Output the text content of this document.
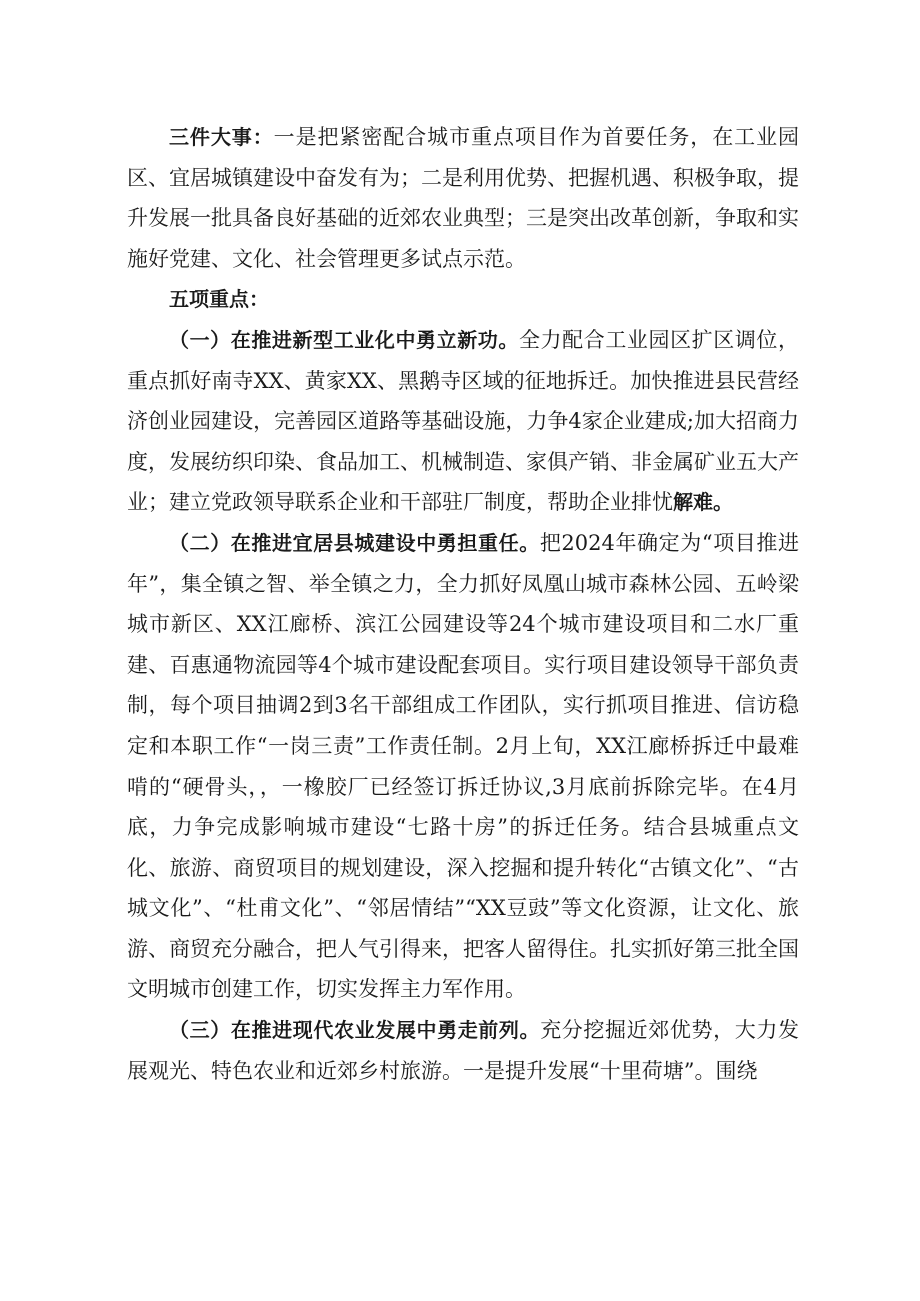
三件大事：一是把紧密配合城市重点项目作为首要任务，在工业园区、宜居城镇建设中奋发有为；二是利用优势、把握机遇、积极争取，提升发展一批具备良好基础的近郊农业典型；三是突出改革创新，争取和实施好党建、文化、社会管理更多试点示范。

五项重点：

（一）在推进新型工业化中勇立新功。全力配合工业园区扩区调位，重点抓好南寺XX、黄家XX、黑鹅寺区域的征地拆迁。加快推进县民营经济创业园建设，完善园区道路等基础设施，力争4家企业建成;加大招商力度，发展纺织印染、食品加工、机械制造、家俱产销、非金属矿业五大产业；建立党政领导联系企业和干部驻厂制度，帮助企业排忧解难。

（二）在推进宜居县城建设中勇担重任。把2024年确定为“项目推进年”，集全镇之智、举全镇之力，全力抓好凤凰山城市森林公园、五岭梁城市新区、XX江廊桥、滨江公园建设等24个城市建设项目和二水厂重建、百惠通物流园等4个城市建设配套项目。实行项目建设领导干部负责制，每个项目抽调2到3名干部组成工作团队，实行抓项目推进、信访稳定和本职工作“一岗三责”工作责任制。2月上旬，XX江廊桥拆迁中最难啃的“硬骨头，，一橡胶厂已经签订拆迁协议,3月底前拆除完毕。在4月底，力争完成影响城市建设“七路十房”的拆迁任务。结合县城重点文化、旅游、商贸项目的规划建设，深入挖掘和提升转化“古镇文化”、“古城文化”、“杜甫文化”、“邻居情结”“XX豆豉”等文化资源，让文化、旅游、商贸充分融合，把人气引得来，把客人留得住。扎实抓好第三批全国文明城市创建工作，切实发挥主力军作用。

（三）在推进现代农业发展中勇走前列。充分挖掘近郊优势，大力发展观光、特色农业和近郊乡村旅游。一是提升发展“十里荷塘”。围绕
